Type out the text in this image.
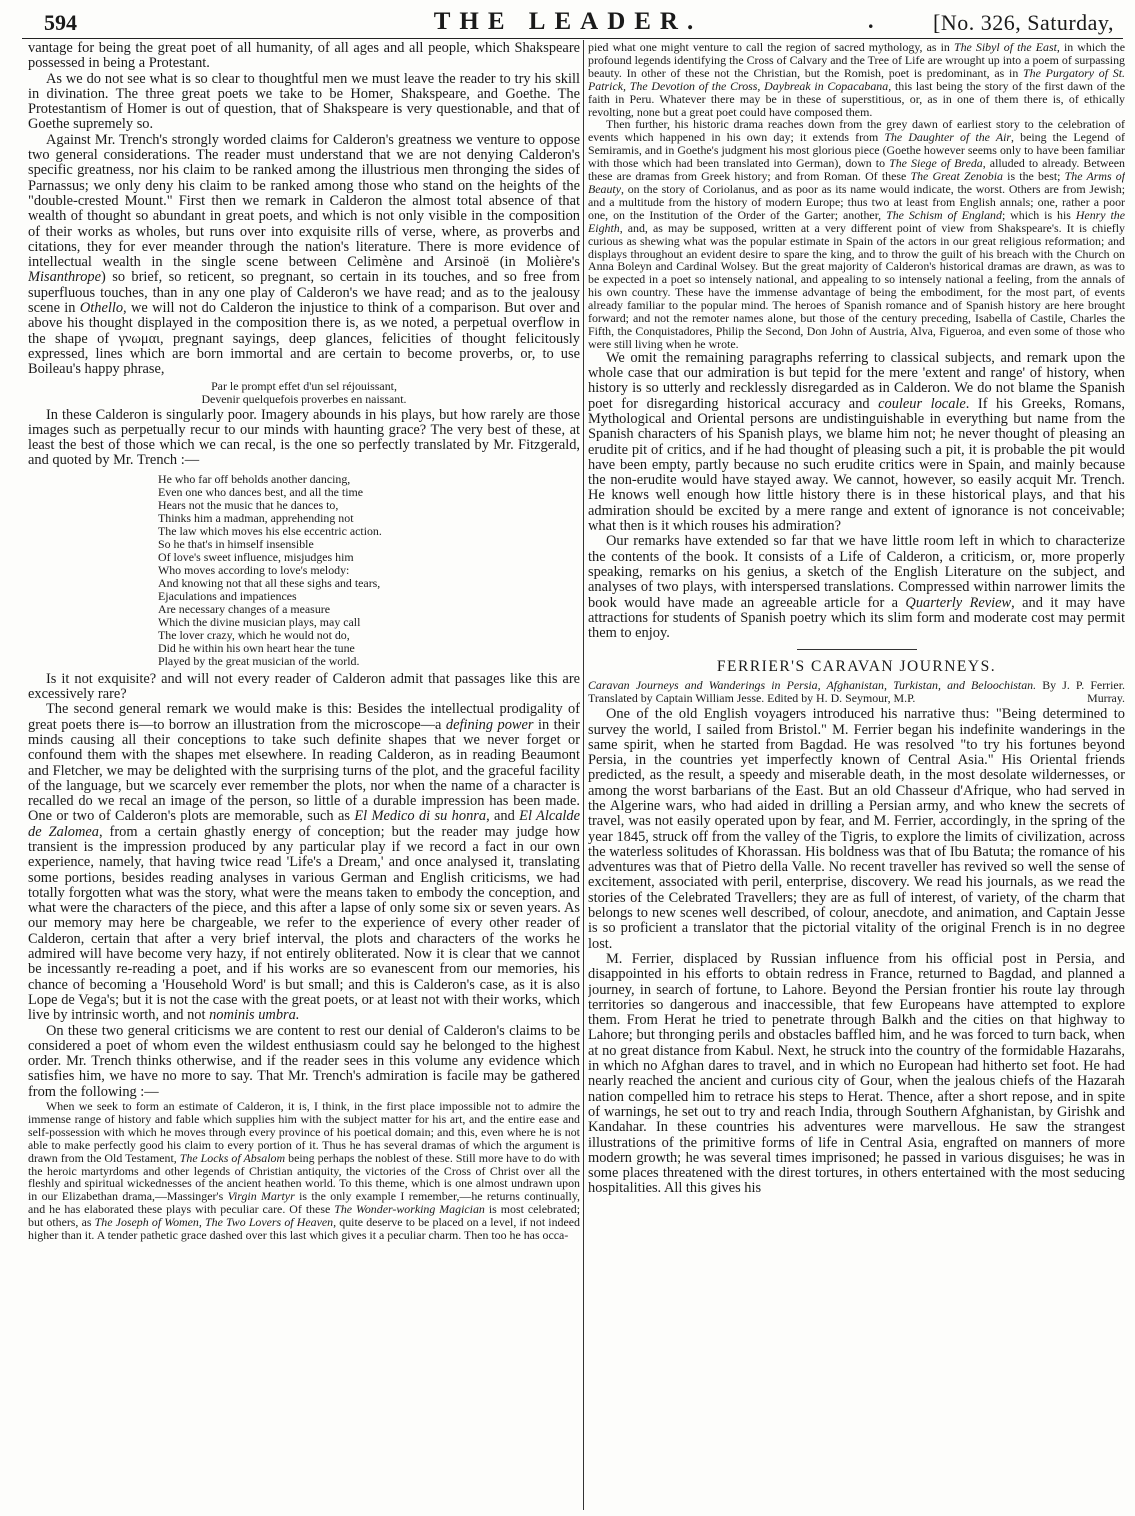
594	THE LEADER.	.	[No. 326, Saturday,

vantage for being the great poet of all humanity, of all ages and all people, which Shakspeare possessed in being a Protestant.

As we do not see what is so clear to thoughtful men we must leave the reader to try his skill in divination. The three great poets we take to be Homer, Shakspeare, and Goethe. The Protestantism of Homer is out of question, that of Shakspeare is very questionable, and that of Goethe supremely so.

Against Mr. Trench's strongly worded claims for Calderon's greatness we venture to oppose two general considerations. The reader must understand that we are not denying Calderon's specific greatness, nor his claim to be ranked among the illustrious men thronging the sides of Parnassus; we only deny his claim to be ranked among those who stand on the heights of the "double-crested Mount." First then we remark in Calderon the almost total absence of that wealth of thought so abundant in great poets, and which is not only visible in the composition of their works as wholes, but runs over into exquisite rills of verse, where, as proverbs and citations, they for ever meander through the nation's literature. There is more evidence of intellectual wealth in the single scene between Celimène and Arsinoë (in Molière's Misanthrope) so brief, so reticent, so pregnant, so certain in its touches, and so free from superfluous touches, than in any one play of Calderon's we have read; and as to the jealousy scene in Othello, we will not do Calderon the injustice to think of a comparison. But over and above his thought displayed in the composition there is, as we noted, a perpetual overflow in the shape of γνωμαι, pregnant sayings, deep glances, felicities of thought felicitously expressed, lines which are born immortal and are certain to become proverbs, or, to use Boileau's happy phrase,

Par le prompt effet d'un sel réjouissant,
Devenir quelquefois proverbes en naissant.

In these Calderon is singularly poor. Imagery abounds in his plays, but how rarely are those images such as perpetually recur to our minds with haunting grace? The very best of these, at least the best of those which we can recal, is the one so perfectly translated by Mr. Fitzgerald, and quoted by Mr. Trench :—

He who far off beholds another dancing,
Even one who dances best, and all the time
Hears not the music that he dances to,
Thinks him a madman, apprehending not
The law which moves his else eccentric action.
So he that's in himself insensible
Of love's sweet influence, misjudges him
Who moves according to love's melody:
And knowing not that all these sighs and tears,
Ejaculations and impatiences
Are necessary changes of a measure
Which the divine musician plays, may call
The lover crazy, which he would not do,
Did he within his own heart hear the tune
Played by the great musician of the world.

Is it not exquisite? and will not every reader of Calderon admit that passages like this are excessively rare?

The second general remark we would make is this: Besides the intellectual prodigality of great poets there is—to borrow an illustration from the microscope—a defining power in their minds causing all their conceptions to take such definite shapes that we never forget or confound them with the shapes met elsewhere. In reading Calderon, as in reading Beaumont and Fletcher, we may be delighted with the surprising turns of the plot, and the graceful facility of the language, but we scarcely ever remember the plots, nor when the name of a character is recalled do we recal an image of the person, so little of a durable impression has been made. One or two of Calderon's plots are memorable, such as El Medico di su honra, and El Alcalde de Zalomea, from a certain ghastly energy of conception; but the reader may judge how transient is the impression produced by any particular play if we record a fact in our own experience, namely, that having twice read 'Life's a Dream,' and once analysed it, translating some portions, besides reading analyses in various German and English criticisms, we had totally forgotten what was the story, what were the means taken to embody the conception, and what were the characters of the piece, and this after a lapse of only some six or seven years. As our memory may here be chargeable, we refer to the experience of every other reader of Calderon, certain that after a very brief interval, the plots and characters of the works he admired will have become very hazy, if not entirely obliterated. Now it is clear that we cannot be incessantly re-reading a poet, and if his works are so evanescent from our memories, his chance of becoming a 'Household Word' is but small; and this is Calderon's case, as it is also Lope de Vega's; but it is not the case with the great poets, or at least not with their works, which live by intrinsic worth, and not nominis umbra.

On these two general criticisms we are content to rest our denial of Calderon's claims to be considered a poet of whom even the wildest enthusiasm could say he belonged to the highest order. Mr. Trench thinks otherwise, and if the reader sees in this volume any evidence which satisfies him, we have no more to say. That Mr. Trench's admiration is facile may be gathered from the following :—

When we seek to form an estimate of Calderon, it is, I think, in the first place impossible not to admire the immense range of history and fable which supplies him with the subject matter for his art, and the entire ease and self-possession with which he moves through every province of his poetical domain; and this, even where he is not able to make perfectly good his claim to every portion of it. Thus he has several dramas of which the argument is drawn from the Old Testament, The Locks of Absalom being perhaps the noblest of these. Still more have to do with the heroic martyrdoms and other legends of Christian antiquity, the victories of the Cross of Christ over all the fleshly and spiritual wickednesses of the ancient heathen world. To this theme, which is one almost undrawn upon in our Elizabethan drama,—Massinger's Virgin Martyr is the only example I remember,—he returns continually, and he has elaborated these plays with peculiar care. Of these The Wonder-working Magician is most celebrated; but others, as The Joseph of Women, The Two Lovers of Heaven, quite deserve to be placed on a level, if not indeed higher than it. A tender pathetic grace dashed over this last which gives it a peculiar charm. Then too he has occa-

pied what one might venture to call the region of sacred mythology, as in The Sibyl of the East, in which the profound legends identifying the Cross of Calvary and the Tree of Life are wrought up into a poem of surpassing beauty. In other of these not the Christian, but the Romish, poet is predominant, as in The Purgatory of St. Patrick, The Devotion of the Cross, Daybreak in Copacabana, this last being the story of the first dawn of the faith in Peru. Whatever there may be in these of superstitious, or, as in one of them there is, of ethically revolting, none but a great poet could have composed them.

Then further, his historic drama reaches down from the grey dawn of earliest story to the celebration of events which happened in his own day; it extends from The Daughter of the Air, being the Legend of Semiramis, and in Goethe's judgment his most glorious piece (Goethe however seems only to have been familiar with those which had been translated into German), down to The Siege of Breda, alluded to already. Between these are dramas from Greek history; and from Roman. Of these The Great Zenobia is the best; The Arms of Beauty, on the story of Coriolanus, and as poor as its name would indicate, the worst. Others are from Jewish; and a multitude from the history of modern Europe; thus two at least from English annals; one, rather a poor one, on the Institution of the Order of the Garter; another, The Schism of England; which is his Henry the Eighth, and, as may be supposed, written at a very different point of view from Shakspeare's. It is chiefly curious as shewing what was the popular estimate in Spain of the actors in our great religious reformation; and displays throughout an evident desire to spare the king, and to throw the guilt of his breach with the Church on Anna Boleyn and Cardinal Wolsey. But the great majority of Calderon's historical dramas are drawn, as was to be expected in a poet so intensely national, and appealing to so intensely national a feeling, from the annals of his own country. These have the immense advantage of being the embodiment, for the most part, of events already familiar to the popular mind. The heroes of Spanish romance and of Spanish history are here brought forward; and not the remoter names alone, but those of the century preceding, Isabella of Castile, Charles the Fifth, the Conquistadores, Philip the Second, Don John of Austria, Alva, Figueroa, and even some of those who were still living when he wrote.

We omit the remaining paragraphs referring to classical subjects, and remark upon the whole case that our admiration is but tepid for the mere 'extent and range' of history, when history is so utterly and recklessly disregarded as in Calderon. We do not blame the Spanish poet for disregarding historical accuracy and couleur locale. If his Greeks, Romans, Mythological and Oriental persons are undistinguishable in everything but name from the Spanish characters of his Spanish plays, we blame him not; he never thought of pleasing an erudite pit of critics, and if he had thought of pleasing such a pit, it is probable the pit would have been empty, partly because no such erudite critics were in Spain, and mainly because the non-erudite would have stayed away. We cannot, however, so easily acquit Mr. Trench. He knows well enough how little history there is in these historical plays, and that his admiration should be excited by a mere range and extent of ignorance is not conceivable; what then is it which rouses his admiration?

Our remarks have extended so far that we have little room left in which to characterize the contents of the book. It consists of a Life of Calderon, a criticism, or, more properly speaking, remarks on his genius, a sketch of the English Literature on the subject, and analyses of two plays, with interspersed translations. Compressed within narrower limits the book would have made an agreeable article for a Quarterly Review, and it may have attractions for students of Spanish poetry which its slim form and moderate cost may permit them to enjoy.

FERRIER'S CARAVAN JOURNEYS.
Caravan Journeys and Wanderings in Persia, Afghanistan, Turkistan, and Beloochistan. By J. P. Ferrier. Translated by Captain William Jesse. Edited by H. D. Seymour, M.P.	Murray.

One of the old English voyagers introduced his narrative thus: "Being determined to survey the world, I sailed from Bristol." M. Ferrier began his indefinite wanderings in the same spirit, when he started from Bagdad. He was resolved "to try his fortunes beyond Persia, in the countries yet imperfectly known of Central Asia." His Oriental friends predicted, as the result, a speedy and miserable death, in the most desolate wildernesses, or among the worst barbarians of the East. But an old Chasseur d'Afrique, who had served in the Algerine wars, who had aided in drilling a Persian army, and who knew the secrets of travel, was not easily operated upon by fear, and M. Ferrier, accordingly, in the spring of the year 1845, struck off from the valley of the Tigris, to explore the limits of civilization, across the waterless solitudes of Khorassan. His boldness was that of Ibu Batuta; the romance of his adventures was that of Pietro della Valle. No recent traveller has revived so well the sense of excitement, associated with peril, enterprise, discovery. We read his journals, as we read the stories of the Celebrated Travellers; they are as full of interest, of variety, of the charm that belongs to new scenes well described, of colour, anecdote, and animation, and Captain Jesse is so proficient a translator that the pictorial vitality of the original French is in no degree lost.

M. Ferrier, displaced by Russian influence from his official post in Persia, and disappointed in his efforts to obtain redress in France, returned to Bagdad, and planned a journey, in search of fortune, to Lahore. Beyond the Persian frontier his route lay through territories so dangerous and inaccessible, that few Europeans have attempted to explore them. From Herat he tried to penetrate through Balkh and the cities on that highway to Lahore; but thronging perils and obstacles baffled him, and he was forced to turn back, when at no great distance from Kabul. Next, he struck into the country of the formidable Hazarahs, in which no Afghan dares to travel, and in which no European had hitherto set foot. He had nearly reached the ancient and curious city of Gour, when the jealous chiefs of the Hazarah nation compelled him to retrace his steps to Herat. Thence, after a short repose, and in spite of warnings, he set out to try and reach India, through Southern Afghanistan, by Girishk and Kandahar. In these countries his adventures were marvellous. He saw the strangest illustrations of the primitive forms of life in Central Asia, engrafted on manners of more modern growth; he was several times imprisoned; he passed in various disguises; he was in some places threatened with the direst tortures, in others entertained with the most seducing hospitalities. All this gives his
